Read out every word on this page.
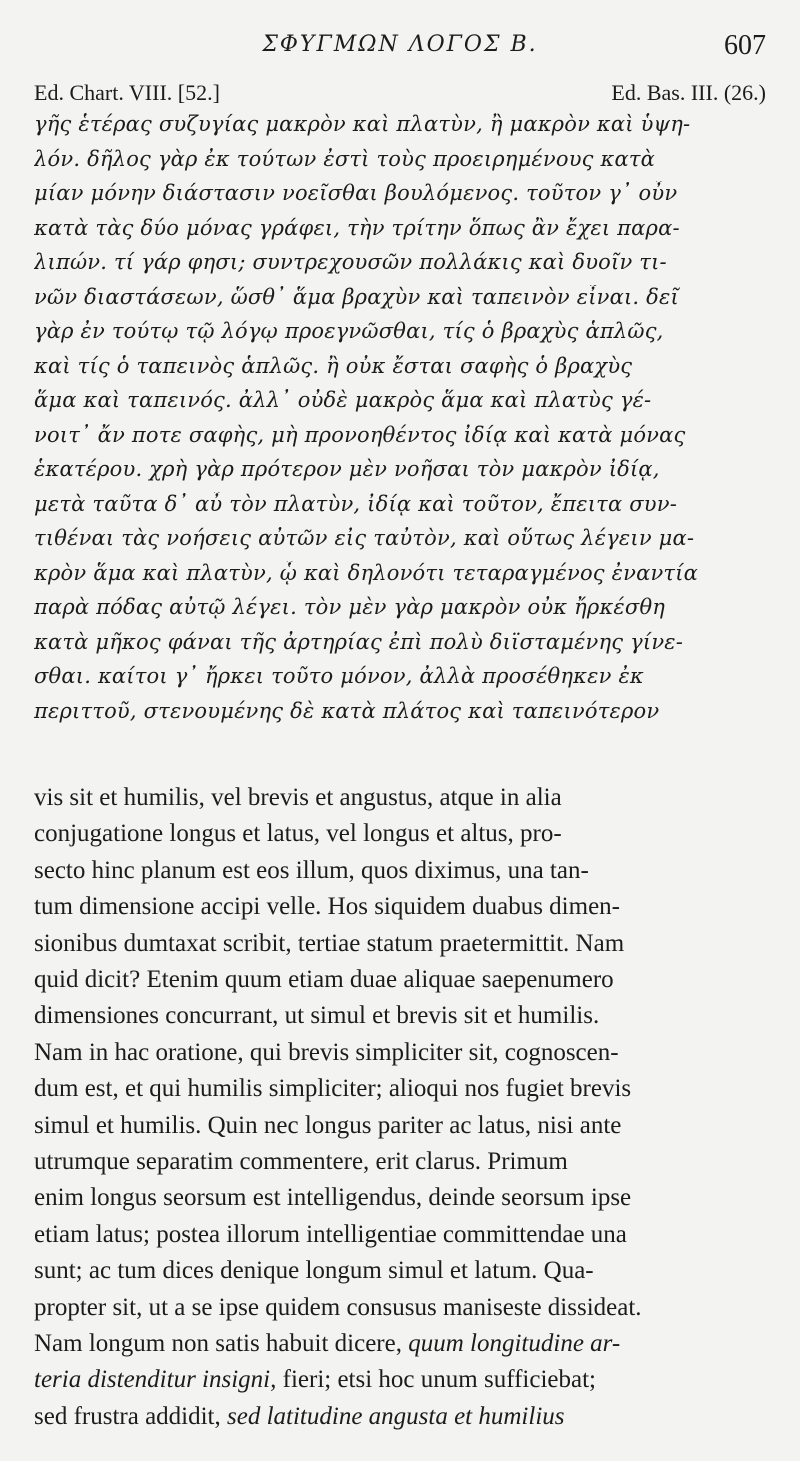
ΣΦΥΓΜΩΝ ΛΟΓΟΣ Β.	607
Ed. Chart. VIII. [52.]	Ed. Bas. III. (26.)
γῆς ἑτέρας συζυγίας μακρὸν καὶ πλατὺν, ἢ μακρὸν καὶ ὑψη-
λόν. δῆλος γὰρ ἐκ τούτων ἐστὶ τοὺς προειρημένους κατὰ
μίαν μόνην διάστασιν νοεῖσθαι βουλόμενος. τοῦτον γ᾽ οὖν
κατὰ τὰς δύο μόνας γράφει, τὴν τρίτην ὅπως ἂν ἔχει παρα-
λιπών. τί γάρ φησι; συντρεχουσῶν πολλάκις καὶ δυοῖν τι-
νῶν διαστάσεων, ὥσθ᾽ ἅμα βραχὺν καὶ ταπεινὸν εἶναι. δεῖ
γὰρ ἐν τούτῳ τῷ λόγῳ προεγνῶσθαι, τίς ὁ βραχὺς ἁπλῶς,
καὶ τίς ὁ ταπεινὸς ἁπλῶς. ἢ οὐκ ἔσται σαφὴς ὁ βραχὺς
ἅμα καὶ ταπεινός. ἀλλ᾽ οὐδὲ μακρὸς ἅμα καὶ πλατὺς γέ-
νοιτ᾽ ἄν ποτε σαφὴς, μὴ προνοηθέντος ἰδίᾳ καὶ κατὰ μόνας
ἑκατέρου. χρὴ γὰρ πρότερον μὲν νοῆσαι τὸν μακρὸν ἰδίᾳ,
μετὰ ταῦτα δ᾽ αὖ τὸν πλατὺν, ἰδίᾳ καὶ τοῦτον, ἔπειτα συν-
τιθέναι τὰς νοήσεις αὐτῶν εἰς ταὐτὸν, καὶ οὕτως λέγειν μα-
κρὸν ἅμα καὶ πλατὺν, ᾧ καὶ δηλονότι τεταραγμένος ἐναντία
παρὰ πόδας αὐτῷ λέγει. τὸν μὲν γὰρ μακρὸν οὐκ ἤρκέσθη
κατὰ μῆκος φάναι τῆς ἀρτηρίας ἐπὶ πολὺ διϊσταμένης γίνε-
σθαι. καίτοι γ᾽ ἤρκει τοῦτο μόνον, ἀλλὰ προσέθηκεν ἐκ
περιττοῦ, στενουμένης δὲ κατὰ πλάτος καὶ ταπεινότερον
vis sit et humilis, vel brevis et angustus, atque in alia
conjugatione longus et latus, vel longus et altus, pro-
secto hinc planum est eos illum, quos diximus, una tan-
tum dimensione accipi velle. Hos siquidem duabus dimen-
sionibus dumtaxat scribit, tertiae statum praetermittit. Nam
quid dicit? Etenim quum etiam duae aliquae saepenumero
dimensiones concurrant, ut simul et brevis sit et humilis.
Nam in hac oratione, qui brevis simpliciter sit, cognoscen-
dum est, et qui humilis simpliciter; alioqui nos fugiet brevis
simul et humilis. Quin nec longus pariter ac latus, nisi ante
utrumque separatim commentere, erit clarus. Primum
enim longus seorsum est intelligendus, deinde seorsum ipse
etiam latus; postea illorum intelligentiae committendae una
sunt; ac tum dices denique longum simul et latum. Qua-
propter sit, ut a se ipse quidem consusus maniseste dissideat.
Nam longum non satis habuit dicere, quum longitudine ar-
teria distenditur insigni, fieri; etsi hoc unum sufficiebat;
sed frustra addidit, sed latitudine angusta et humilius
